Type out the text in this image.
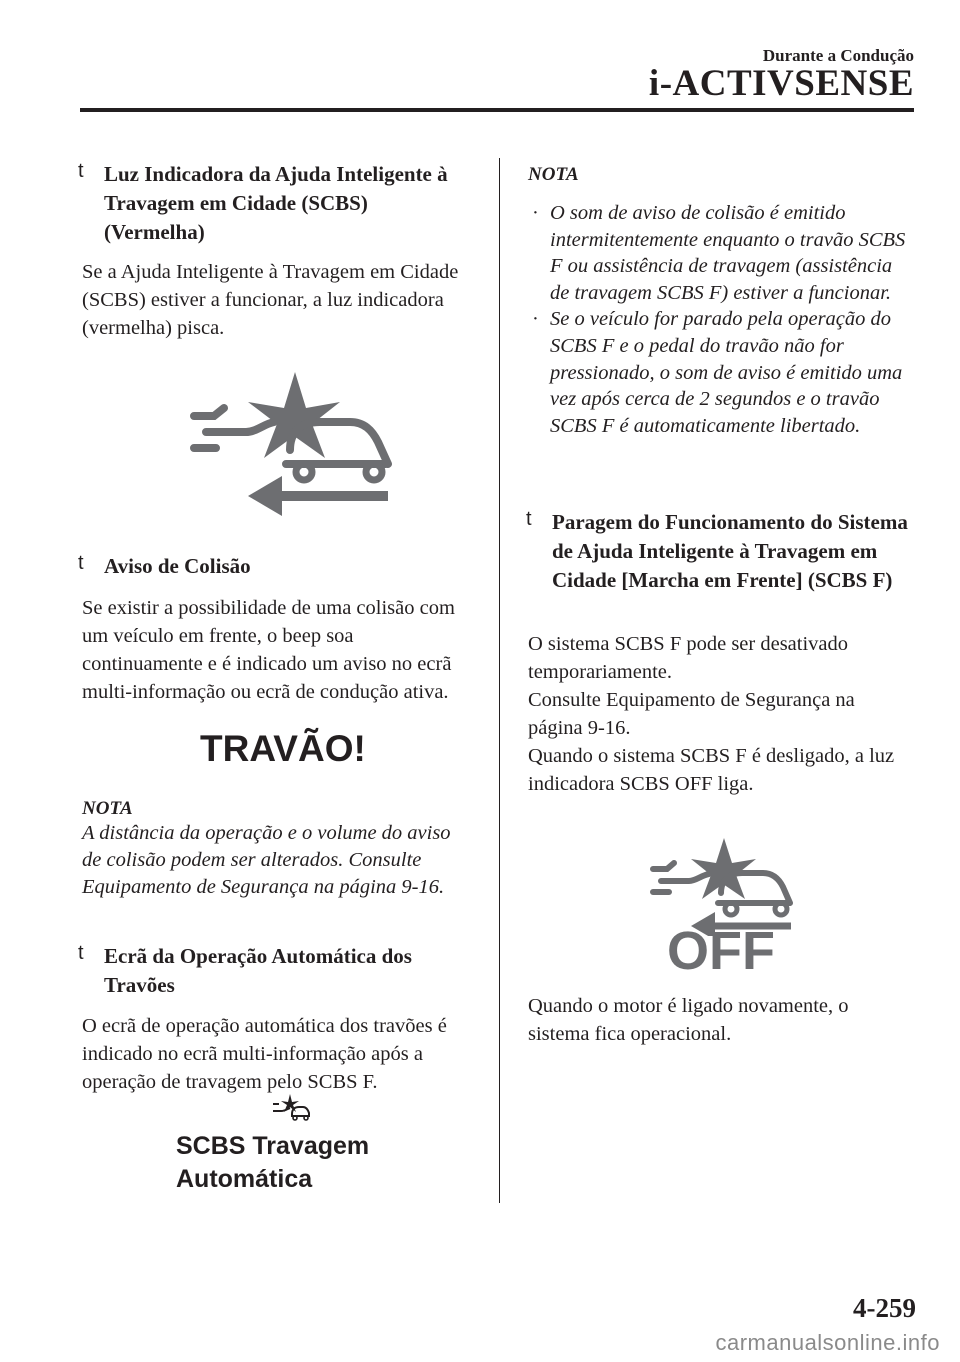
Durante a Condução
i-ACTIVSENSE
t Luz Indicadora da Ajuda Inteligente à Travagem em Cidade (SCBS) (Vermelha)

Se a Ajuda Inteligente à Travagem em Cidade (SCBS) estiver a funcionar, a luz indicadora (vermelha) pisca.

t Aviso de Colisão

Se existir a possibilidade de uma colisão com um veículo em frente, o beep soa continuamente e é indicado um aviso no ecrã multi-informação ou ecrã de condução ativa.

TRAVÃO!
NOTA
A distância da operação e o volume do aviso de colisão podem ser alterados. Consulte Equipamento de Segurança na página 9-16.
t Ecrã da Operação Automática dos Travões

O ecrã de operação automática dos travões é indicado no ecrã multi-informação após a operação de travagem pelo SCBS F.

SCBS Travagem
Automática
NOTA
· O som de aviso de colisão é emitido intermitentemente enquanto o travão SCBS F ou assistência de travagem (assistência de travagem SCBS F) estiver a funcionar.
· Se o veículo for parado pela operação do SCBS F e o pedal do travão não for pressionado, o som de aviso é emitido uma vez após cerca de 2 segundos e o travão SCBS F é automaticamente libertado.
t Paragem do Funcionamento do Sistema de Ajuda Inteligente à Travagem em Cidade [Marcha em Frente] (SCBS F)

O sistema SCBS F pode ser desativado temporariamente.

Consulte Equipamento de Segurança na página 9-16.

Quando o sistema SCBS F é desligado, a luz indicadora SCBS OFF liga.

OFF

Quando o motor é ligado novamente, o sistema fica operacional.

4-259
carmanualsonline.info
